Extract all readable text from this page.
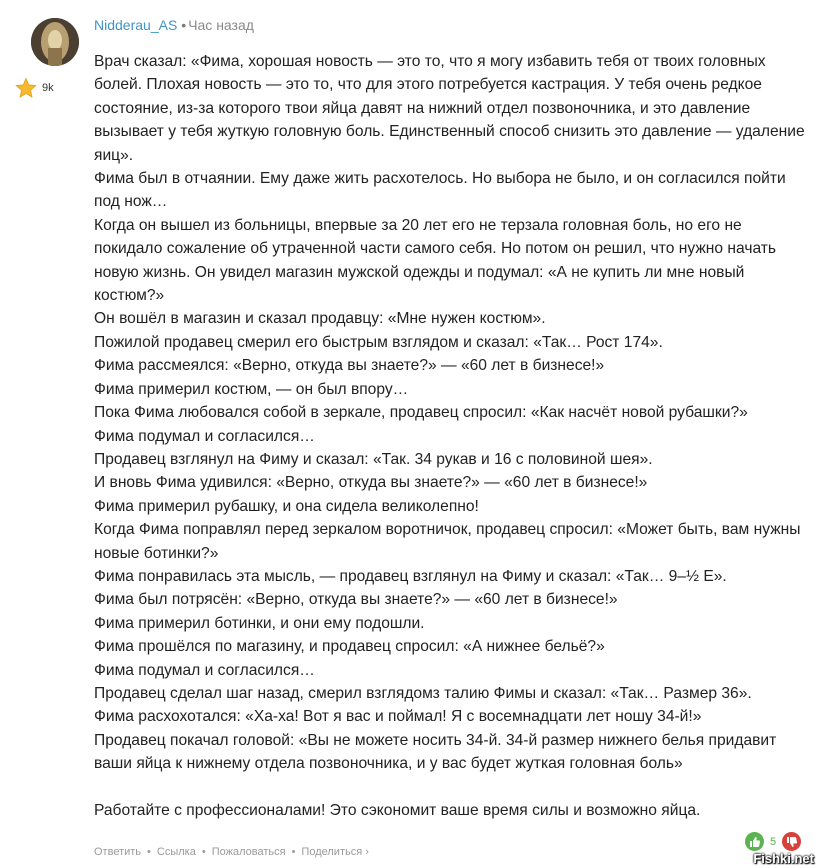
9k
Nidderau_AS • Час назад

Врач сказал: «Фима, хорошая новость — это то, что я могу избавить тебя от твоих головных болей. Плохая новость — это то, что для этого потребуется кастрация. У тебя очень редкое состояние, из-за которого твои яйца давят на нижний отдел позвоночника, и это давление вызывает у тебя жуткую головную боль. Единственный способ снизить это давление — удаление яиц».

Фима был в отчаянии. Ему даже жить расхотелось. Но выбора не было, и он согласился пойти под нож…

Когда он вышел из больницы, впервые за 20 лет его не терзала головная боль, но его не покидало сожаление об утраченной части самого себя. Но потом он решил, что нужно начать новую жизнь. Он увидел магазин мужской одежды и подумал: «А не купить ли мне новый костюм?»

Он вошёл в магазин и сказал продавцу: «Мне нужен костюм».

Пожилой продавец смерил его быстрым взглядом и сказал: «Так… Рост 174».

Фима рассмеялся: «Верно, откуда вы знаете?» — «60 лет в бизнесе!»

Фима примерил костюм, — он был впору…

Пока Фима любовался собой в зеркале, продавец спросил: «Как насчёт новой рубашки?»

Фима подумал и согласился…

Продавец взглянул на Фиму и сказал: «Так. 34 рукав и 16 с половиной шея».

И вновь Фима удивился: «Верно, откуда вы знаете?» — «60 лет в бизнесе!»

Фима примерил рубашку, и она сидела великолепно!

Когда Фима поправлял перед зеркалом воротничок, продавец спросил: «Может быть, вам нужны новые ботинки?»

Фима понравилась эта мысль, — продавец взглянул на Фиму и сказал: «Так… 9–½ Е».

Фима был потрясён: «Верно, откуда вы знаете?» — «60 лет в бизнесе!»

Фима примерил ботинки, и они ему подошли.

Фима прошёлся по магазину, и продавец спросил: «А нижнее бельё?»

Фима подумал и согласился…

Продавец сделал шаг назад, смерил взглядомз талию Фимы и сказал: «Так… Размер 36».

Фима расхохотался: «Ха-ха! Вот я вас и поймал! Я с восемнадцати лет ношу 34-й!»

Продавец покачал головой: «Вы не можете носить 34-й. 34-й размер нижнего белья придавит ваши яйца к нижнему отдела позвоночника, и у вас будет жуткая головная боль»

Работайте с профессионалами! Это сэкономит ваше время силы и возможно яйца.

Ответить • Ссылка • Пожаловаться • Поделиться ›
5
Fishki.net
